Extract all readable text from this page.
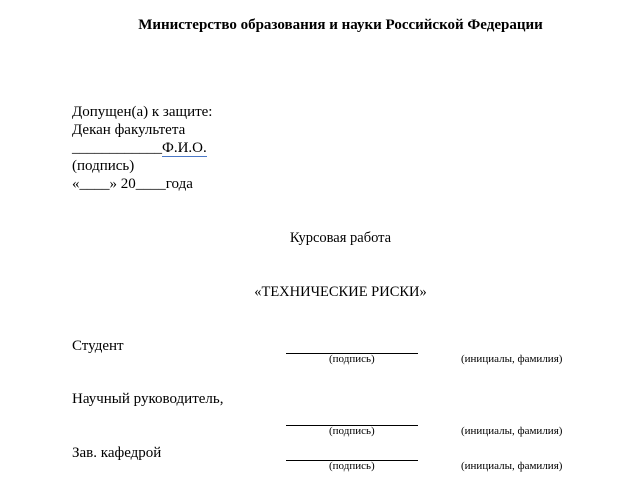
Министерство образования и науки Российской Федерации
Допущен(а) к защите:
Декан факультета
____________Ф.И.О.
(подпись)
«____» 20____года
Курсовая работа
«ТЕХНИЧЕСКИЕ РИСКИ»
Студент
(подпись)	(инициалы, фамилия)
Научный руководитель,
(подпись)	(инициалы, фамилия)
Зав. кафедрой
(подпись)	(инициалы, фамилия)
